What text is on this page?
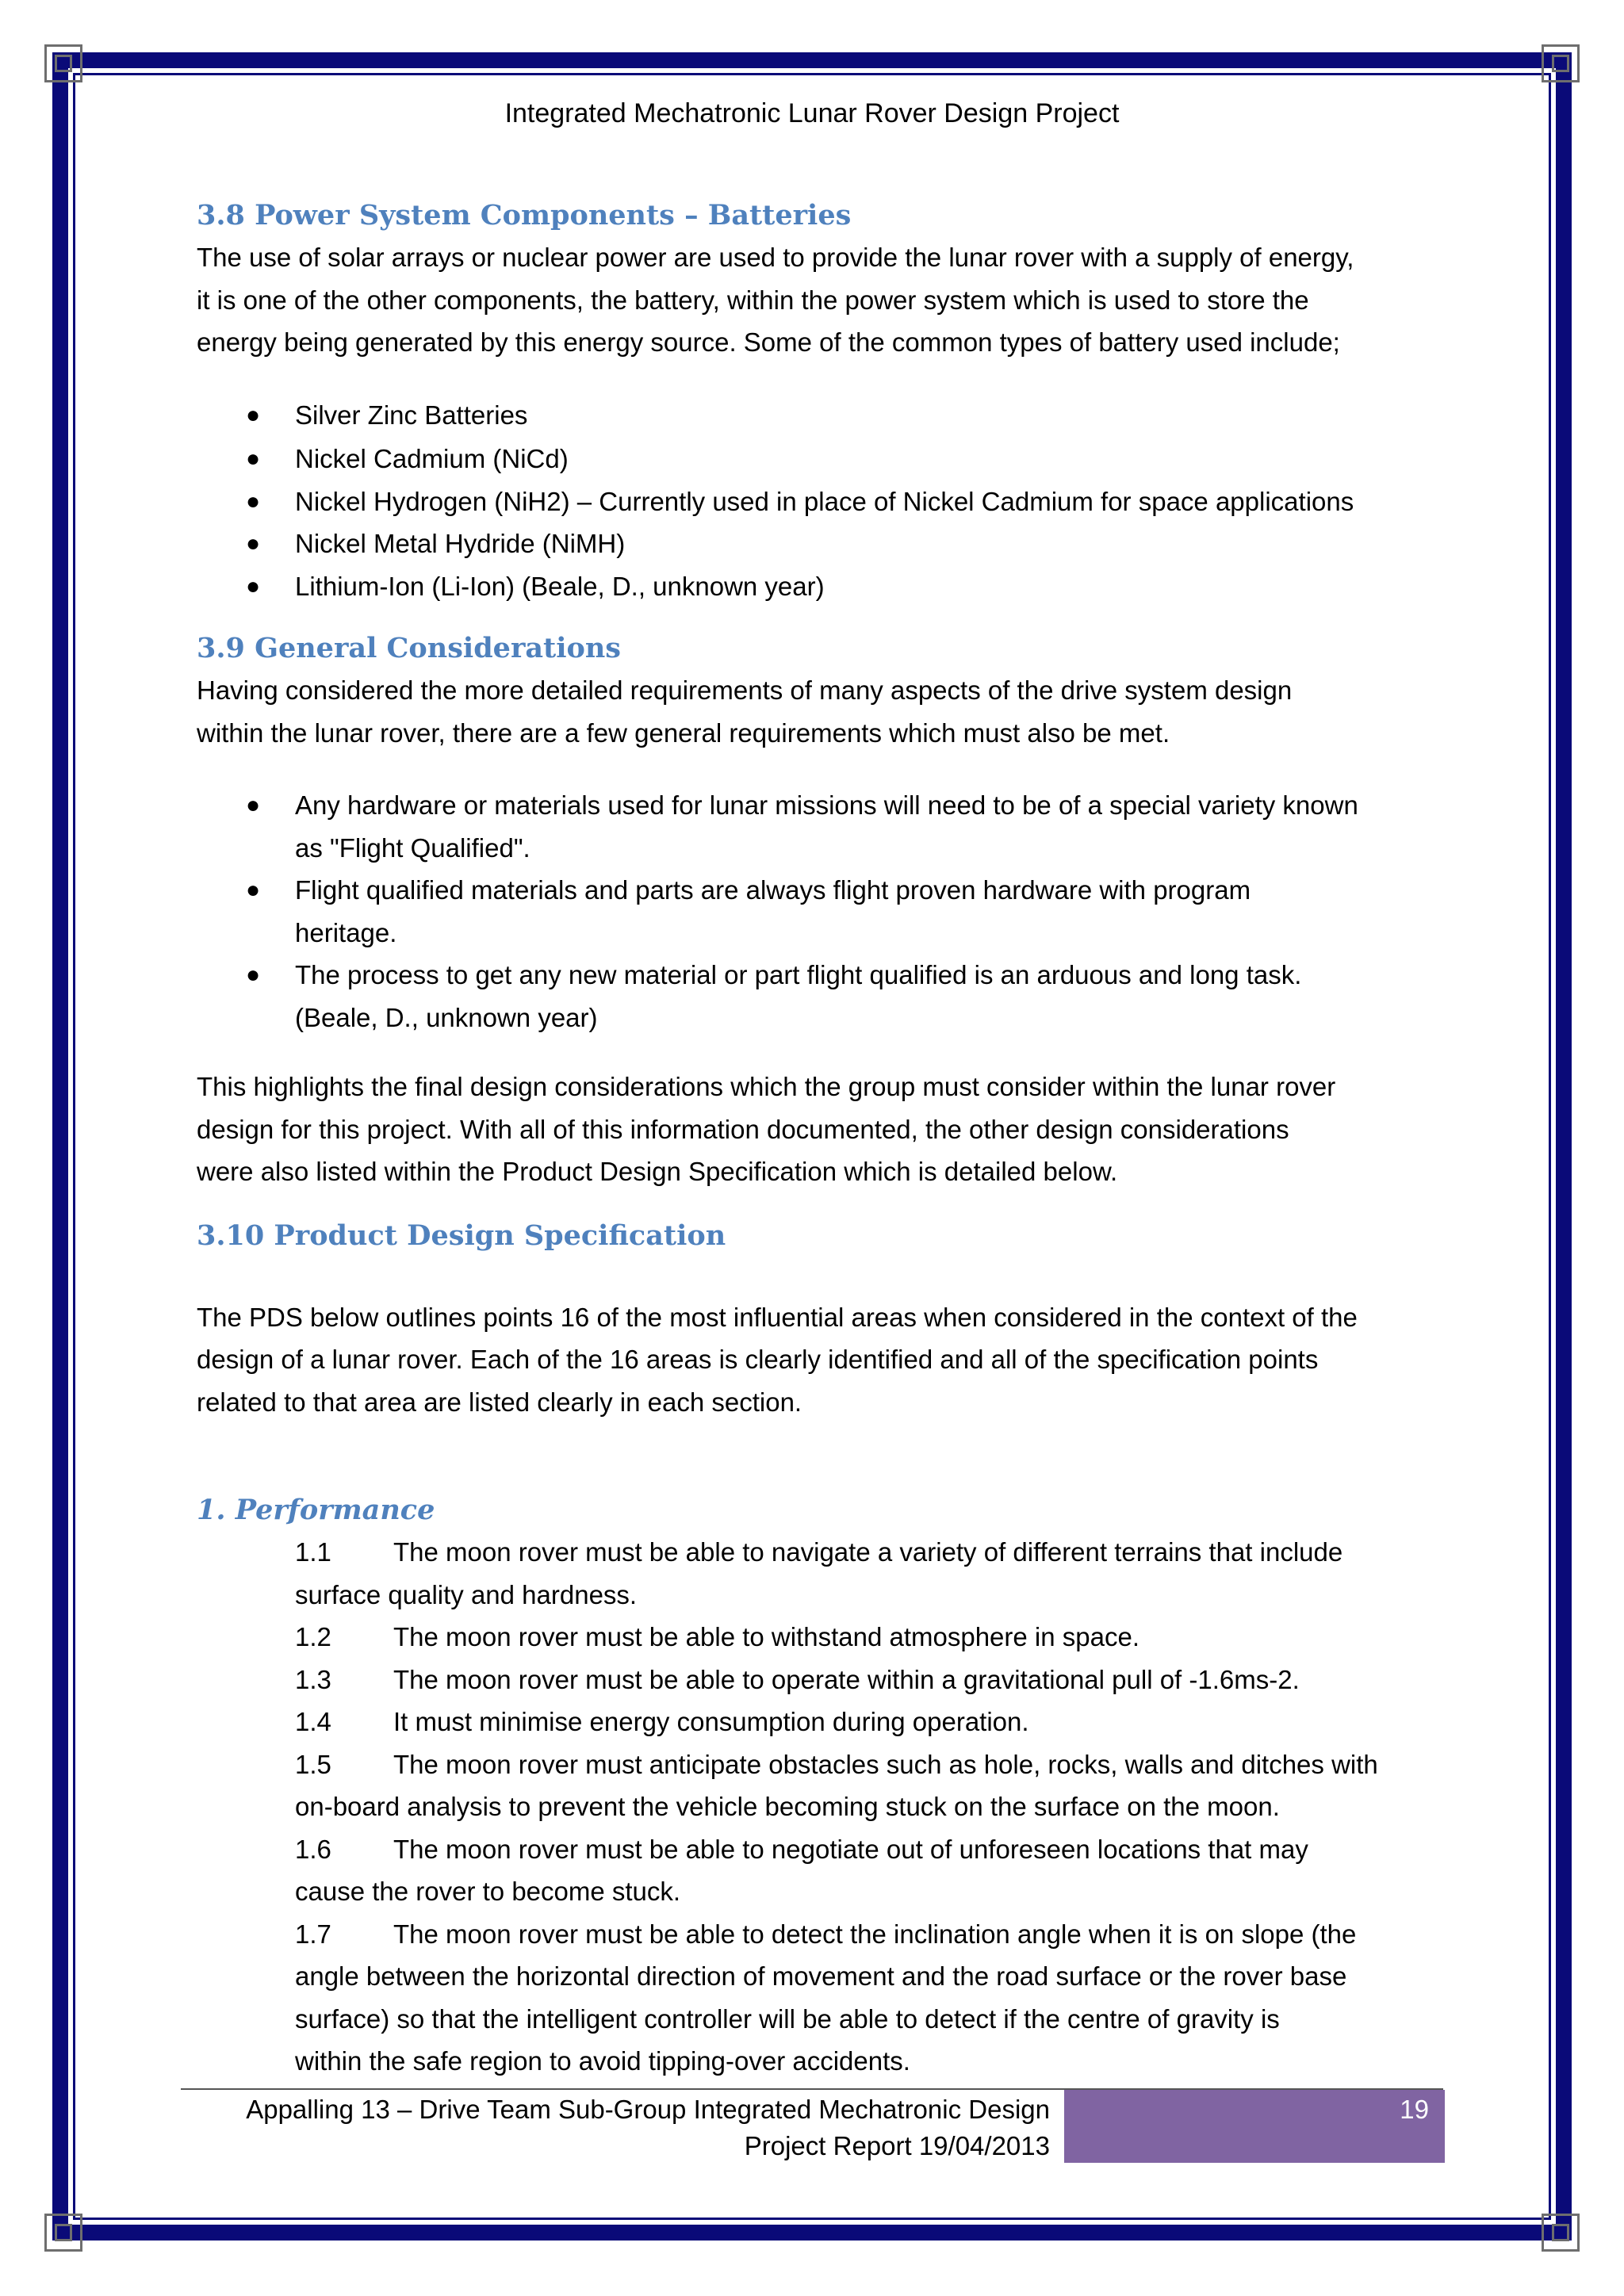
Integrated Mechatronic Lunar Rover Design Project
3.8 Power System Components – Batteries

The use of solar arrays or nuclear power are used to provide the lunar rover with a supply of energy,

it is one of the other components, the battery, within the power system which is used to store the

energy being generated by this energy source. Some of the common types of battery used include;

● Silver Zinc Batteries
● Nickel Cadmium (NiCd)
● Nickel Hydrogen (NiH2) – Currently used in place of Nickel Cadmium for space applications
● Nickel Metal Hydride (NiMH)
● Lithium-Ion (Li-Ion) (Beale, D., unknown year)
3.9 General Considerations

Having considered the more detailed requirements of many aspects of the drive system design

within the lunar rover, there are a few general requirements which must also be met.

● Any hardware or materials used for lunar missions will need to be of a special variety known
as "Flight Qualified".
● Flight qualified materials and parts are always flight proven hardware with program
heritage.
● The process to get any new material or part flight qualified is an arduous and long task.
(Beale, D., unknown year)

This highlights the final design considerations which the group must consider within the lunar rover

design for this project. With all of this information documented, the other design considerations

were also listed within the Product Design Specification which is detailed below.

3.10 Product Design Specification

The PDS below outlines points 16 of the most influential areas when considered in the context of the

design of a lunar rover. Each of the 16 areas is clearly identified and all of the specification points

related to that area are listed clearly in each section.

1. Performance
1.1 The moon rover must be able to navigate a variety of different terrains that include
surface quality and hardness.
1.2 The moon rover must be able to withstand atmosphere in space.
1.3 The moon rover must be able to operate within a gravitational pull of -1.6ms-2.
1.4 It must minimise energy consumption during operation.
1.5 The moon rover must anticipate obstacles such as hole, rocks, walls and ditches with
on-board analysis to prevent the vehicle becoming stuck on the surface on the moon.
1.6 The moon rover must be able to negotiate out of unforeseen locations that may
cause the rover to become stuck.
1.7 The moon rover must be able to detect the inclination angle when it is on slope (the
angle between the horizontal direction of movement and the road surface or the rover base
surface) so that the intelligent controller will be able to detect if the centre of gravity is
within the safe region to avoid tipping-over accidents.
Appalling 13 – Drive Team Sub-Group Integrated Mechatronic Design
Project Report 19/04/2013
19
